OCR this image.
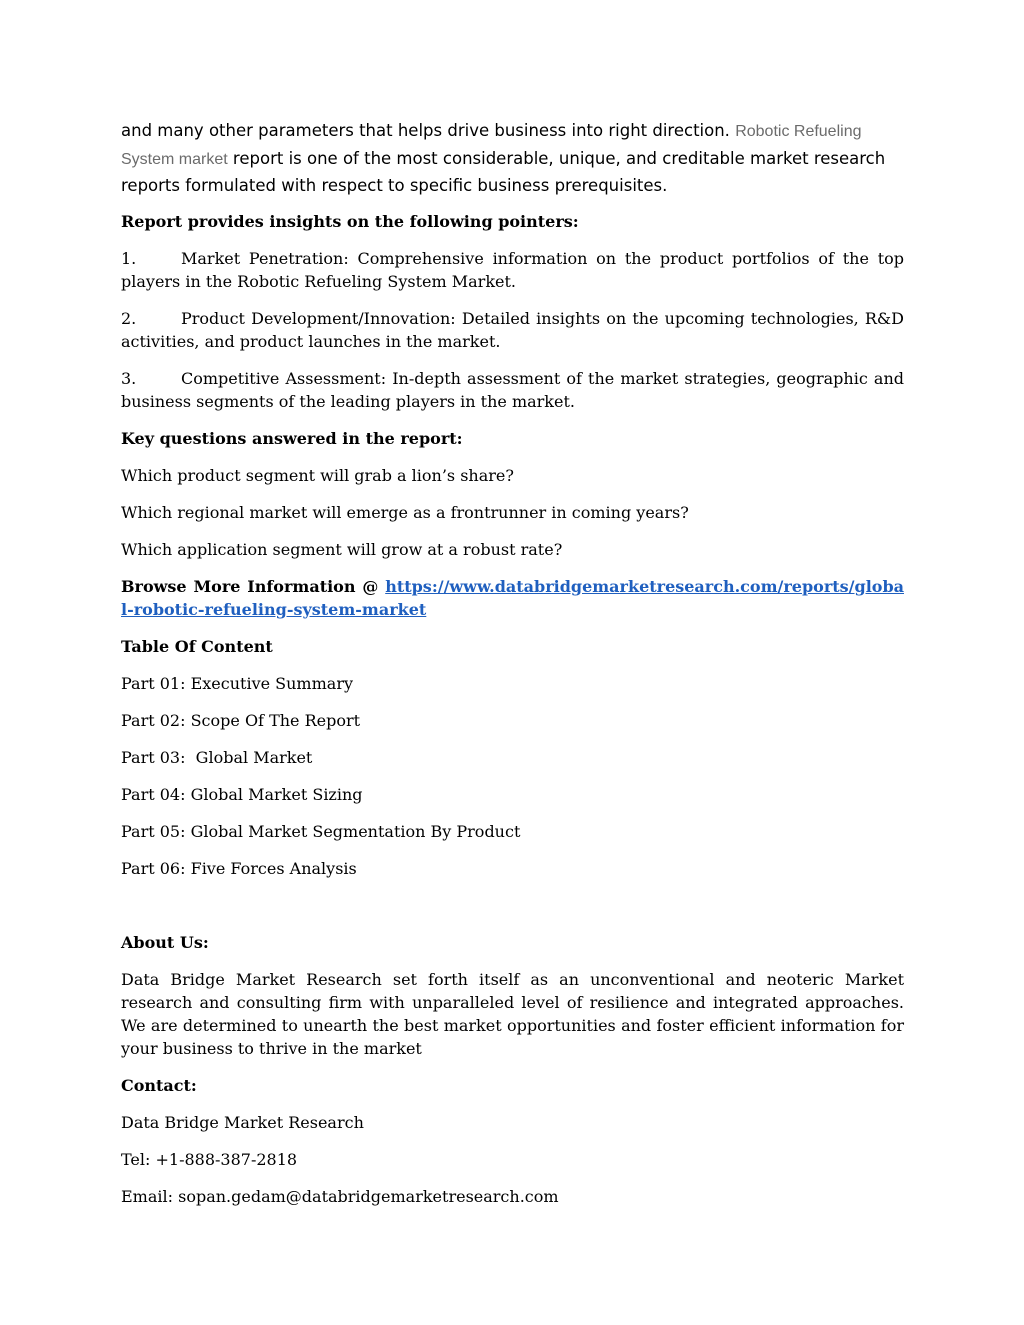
and many other parameters that helps drive business into right direction. Robotic Refueling System market report is one of the most considerable, unique, and creditable market research reports formulated with respect to specific business prerequisites.

Report provides insights on the following pointers:

1.	Market Penetration: Comprehensive information on the product portfolios of the top players in the Robotic Refueling System Market.

2.	Product Development/Innovation: Detailed insights on the upcoming technologies, R&D activities, and product launches in the market.

3.	Competitive Assessment: In-depth assessment of the market strategies, geographic and business segments of the leading players in the market.

Key questions answered in the report:

Which product segment will grab a lion’s share?

Which regional market will emerge as a frontrunner in coming years?

Which application segment will grow at a robust rate?

Browse More Information @ https://www.databridgemarketresearch.com/reports/global-robotic-refueling-system-market

Table Of Content

Part 01: Executive Summary

Part 02: Scope Of The Report

Part 03:  Global Market

Part 04: Global Market Sizing

Part 05: Global Market Segmentation By Product

Part 06: Five Forces Analysis

About Us:

Data Bridge Market Research set forth itself as an unconventional and neoteric Market research and consulting firm with unparalleled level of resilience and integrated approaches. We are determined to unearth the best market opportunities and foster efficient information for your business to thrive in the market

Contact:

Data Bridge Market Research

Tel: +1-888-387-2818

Email: sopan.gedam@databridgemarketresearch.com
